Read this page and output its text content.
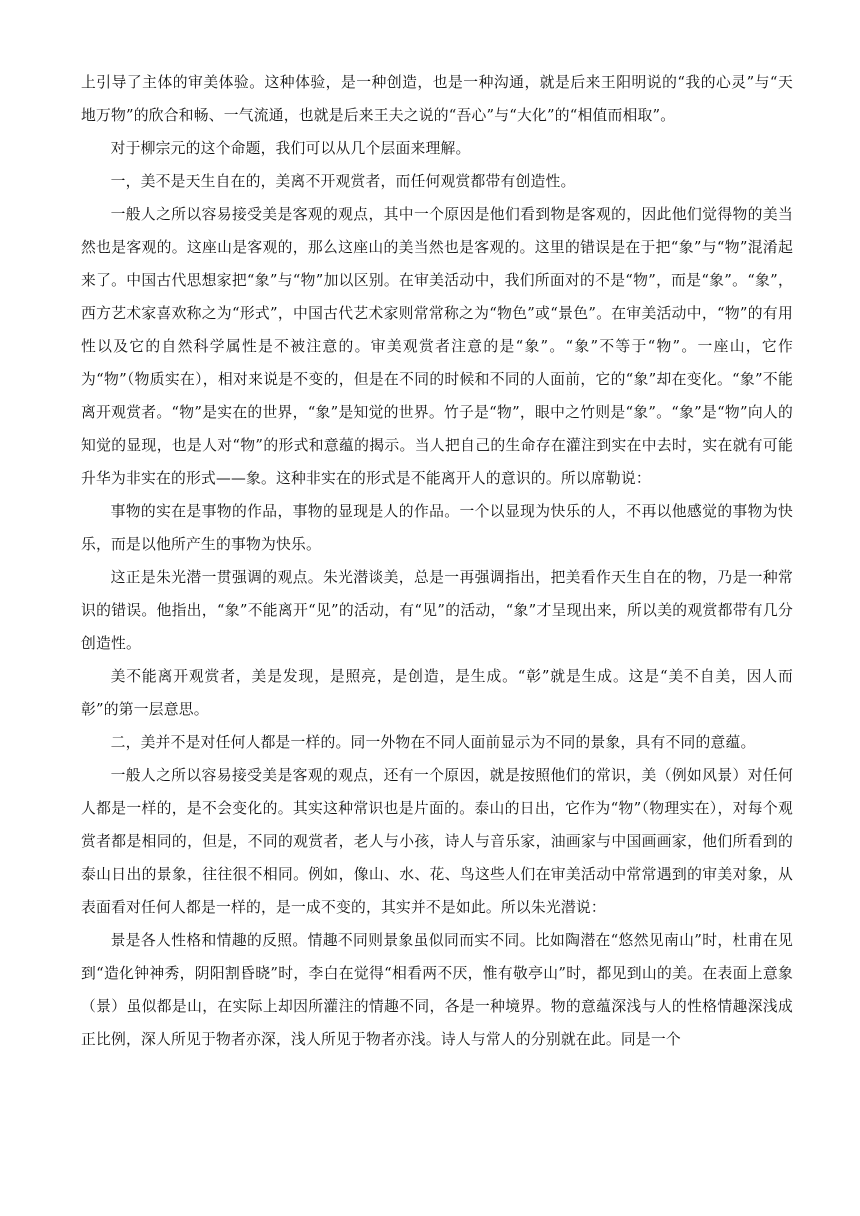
上引导了主体的审美体验。这种体验，是一种创造，也是一种沟通，就是后来王阳明说的“我的心灵”与“天地万物”的欣合和畅、一气流通，也就是后来王夫之说的“吾心”与“大化”的“相值而相取”。

对于柳宗元的这个命题，我们可以从几个层面来理解。

一，美不是天生自在的，美离不开观赏者，而任何观赏都带有创造性。

一般人之所以容易接受美是客观的观点，其中一个原因是他们看到物是客观的，因此他们觉得物的美当然也是客观的。这座山是客观的，那么这座山的美当然也是客观的。这里的错误是在于把“象”与“物”混淆起来了。中国古代思想家把“象”与“物”加以区别。在审美活动中，我们所面对的不是“物”，而是“象”。“象”，西方艺术家喜欢称之为“形式”，中国古代艺术家则常常称之为“物色”或“景色”。在审美活动中，“物”的有用性以及它的自然科学属性是不被注意的。审美观赏者注意的是“象”。“象”不等于“物”。一座山，它作为“物”（物质实在），相对来说是不变的，但是在不同的时候和不同的人面前，它的“象”却在变化。“象”不能离开观赏者。“物”是实在的世界，“象”是知觉的世界。竹子是“物”，眼中之竹则是“象”。“象”是“物”向人的知觉的显现，也是人对“物”的形式和意蕴的揭示。当人把自己的生命存在灌注到实在中去时，实在就有可能升华为非实在的形式——象。这种非实在的形式是不能离开人的意识的。所以席勒说：

事物的实在是事物的作品，事物的显现是人的作品。一个以显现为快乐的人，不再以他感觉的事物为快乐，而是以他所产生的事物为快乐。

这正是朱光潜一贯强调的观点。朱光潜谈美，总是一再强调指出，把美看作天生自在的物，乃是一种常识的错误。他指出，“象”不能离开“见”的活动，有“见”的活动，“象”才呈现出来，所以美的观赏都带有几分创造性。

美不能离开观赏者，美是发现，是照亮，是创造，是生成。“彰”就是生成。这是“美不自美，因人而彰”的第一层意思。

二，美并不是对任何人都是一样的。同一外物在不同人面前显示为不同的景象，具有不同的意蕴。

一般人之所以容易接受美是客观的观点，还有一个原因，就是按照他们的常识，美（例如风景）对任何人都是一样的，是不会变化的。其实这种常识也是片面的。泰山的日出，它作为“物”（物理实在），对每个观赏者都是相同的，但是，不同的观赏者，老人与小孩，诗人与音乐家，油画家与中国画画家，他们所看到的泰山日出的景象，往往很不相同。例如，像山、水、花、鸟这些人们在审美活动中常常遇到的审美对象，从表面看对任何人都是一样的，是一成不变的，其实并不是如此。所以朱光潜说：

景是各人性格和情趣的反照。情趣不同则景象虽似同而实不同。比如陶潜在“悠然见南山”时，杜甫在见到“造化钟神秀，阴阳割昏晓”时，李白在觉得“相看两不厌，惟有敬亭山”时，都见到山的美。在表面上意象（景）虽似都是山，在实际上却因所灌注的情趣不同，各是一种境界。物的意蕴深浅与人的性格情趣深浅成正比例，深人所见于物者亦深，浅人所见于物者亦浅。诗人与常人的分别就在此。同是一个
